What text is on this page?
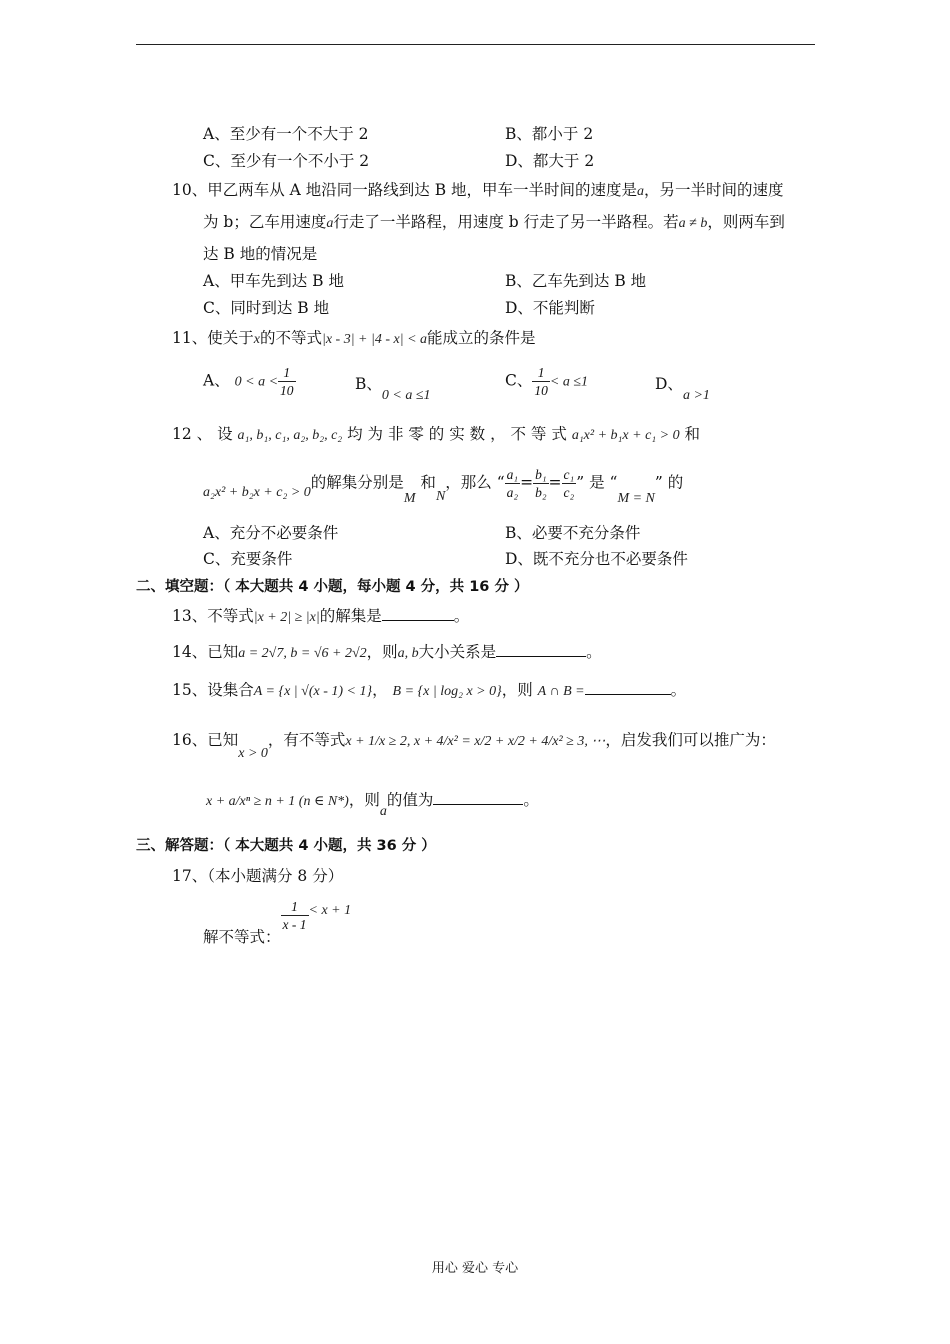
A、至少有一个不大于 2	B、都小于 2
C、至少有一个不小于 2	D、都大于 2
10、甲乙两车从 A 地沿同一路线到达 B 地，甲车一半时间的速度是a，另一半时间的速度
为 b；乙车用速度a行走了一半路程，用速度 b 行走了另一半路程。若a ≠ b，则两车到
达 B 地的情况是
A、甲车先到达 B 地	B、乙车先到达 B 地
C、同时到达 B 地	D、不能判断
11、使关于x的不等式|x - 3| + |4 - x| < a能成立的条件是
A、 $0 < a < \frac{1}{10}$	B、0 < a ≤1
C、 $\frac{1}{10} < a \le 1$	D、a >1
12 、 设 a₁, b₁, c₁, a₂, b₂, c₂ 均 为 非 零 的 实 数 ， 不 等 式 a₁x² + b₁x + c₁ > 0 和
a₂x² + b₂x + c₂ > 0的解集分别是M 和N，那么 “ $\frac{\text{a₁}}{\text{a₂}} = \frac{\text{b₁}}{\text{b₂}} = \frac{\text{c₁}}{\text{c₂}}$ ” 是 “M = N” 的
A、充分不必要条件	B、必要不充分条件
C、充要条件	D、既不充分也不必要条件
二、填空题：（ 本大题共 4 小题，每小题 4 分，共 16 分 ）
13、不等式|x + 2| ≥ |x|的解集是	。
14、已知a = 2√7, b = √6 + 2√2，则a, b大小关系是	。
15、设集合A = {x | √(x - 1) < 1}， B = {x | log₂ x > 0}，则 A ∩ B =	。
16、已知x > 0，有不等式x + 1/x ≥ 2, x + 4/x² = x/2 + x/2 + 4/x² ≥ 3, ⋯，启发我们可以推广为：
x + a/xⁿ ≥ n + 1 (n ∈ N*)，则a的值为	。
三、解答题：（ 本大题共 4 小题，共 36 分 ）
17、（本小题满分 8 分）
解不等式：
$\frac{1}{x - 1} < x + 1$
用心 爱心 专心
